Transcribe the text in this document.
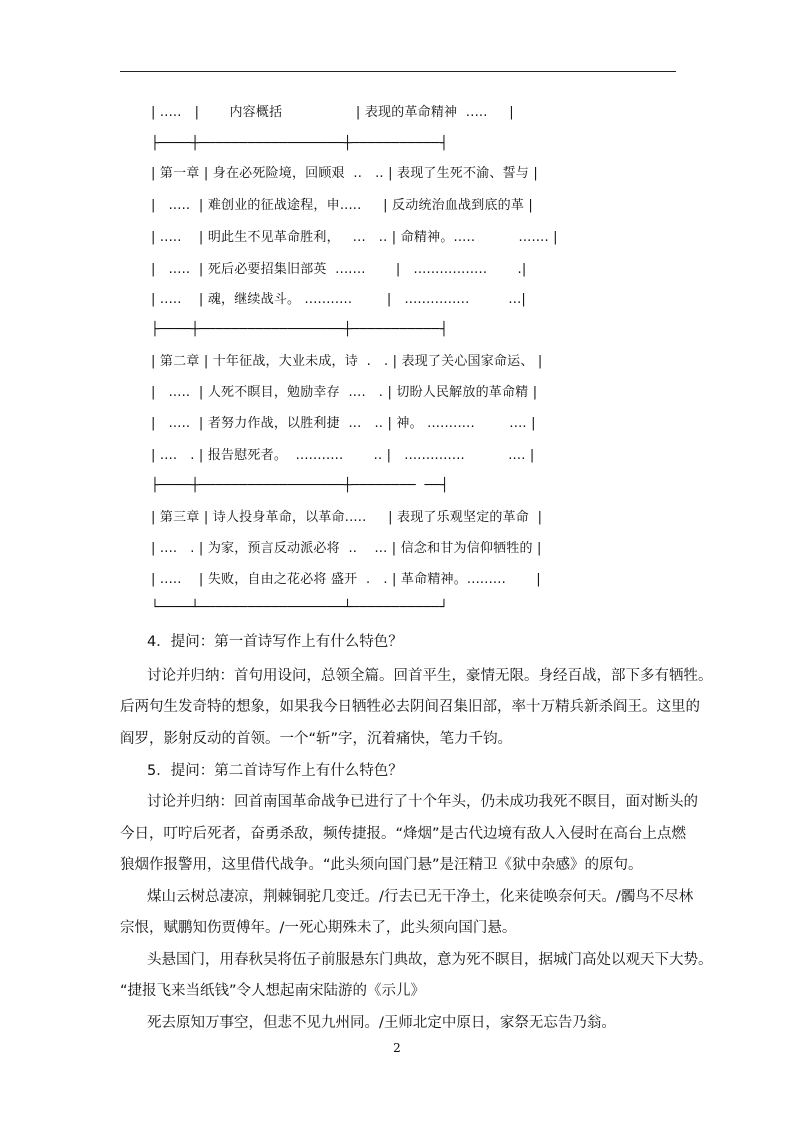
| .....   |       内容概括                 | 表现的革命精神  .....     |
├────┼──────────────────┼───────────┤
| 第一章 | 身在必死险境，回顾艰  ..   .. | 表现了生死不渝、誓与 |
|   .....  | 难创业的征战途程，申.....     | 反动统治血战到底的革 |
| .....    | 明此生不见革命胜利，   ...   .. | 命精神。.....          ....... |
|   .....  | 死后必要招集旧部英  .......       |   .................       .|
| .....    | 魂，继续战斗。 ...........        |   ...............         ...|
├────┼──────────────────┼───────────┤
| 第二章 | 十年征战，大业未成，诗  .   . | 表现了关心国家命运、 |
|   .....  | 人死不瞑目，勉励幸存  ....   . | 切盼人民解放的革命精 |
|   .....  | 者努力作战，以胜利捷  ...   .. | 神。 ...........        .... |
| ....   . | 报告慰死者。  ...........       .. |   ..............          .... |
├────┼──────────────────┼────────  ──┤
| 第三章 | 诗人投身革命，以革命.....     | 表现了乐观坚定的革命  |
| ....   . | 为家，预言反动派必将  ..    ... | 信念和甘为信仰牺牲的 |
| .....    | 失败，自由之花必将 盛开  .   . | 革命精神。.........       |
└────┴──────────────────┴───────────┘
4．提问：第一首诗写作上有什么特色？
讨论并归纳：首句用设问，总领全篇。回首平生，豪情无限。身经百战，部下多有牺牲。
后两句生发奇特的想象，如果我今日牺牲必去阴间召集旧部，率十万精兵新杀阎王。这里的
阎罗，影射反动的首领。一个“斩”字，沉着痛快，笔力千钧。
5．提问：第二首诗写作上有什么特色？
讨论并归纳：回首南国革命战争已进行了十个年头，仍未成功我死不瞑目，面对断头的
今日，叮咛后死者，奋勇杀敌，频传捷报。“烽烟”是古代边境有敌人入侵时在高台上点燃
狼烟作报警用，这里借代战争。“此头须向国门悬”是汪精卫《狱中杂感》的原句。
煤山云树总凄凉，荆棘铜驼几变迁。/行去已无干净土，化来徒唤奈何天。/髑鸟不尽林
宗恨，赋鹏知伤贾傅年。/一死心期殊未了，此头须向国门悬。
头悬国门，用春秋吴将伍子前服悬东门典故，意为死不瞑目，据城门高处以观天下大势。
“捷报飞来当纸钱”令人想起南宋陆游的《示儿》
死去原知万事空，但悲不见九州同。/王师北定中原日，家祭无忘告乃翁。
2
